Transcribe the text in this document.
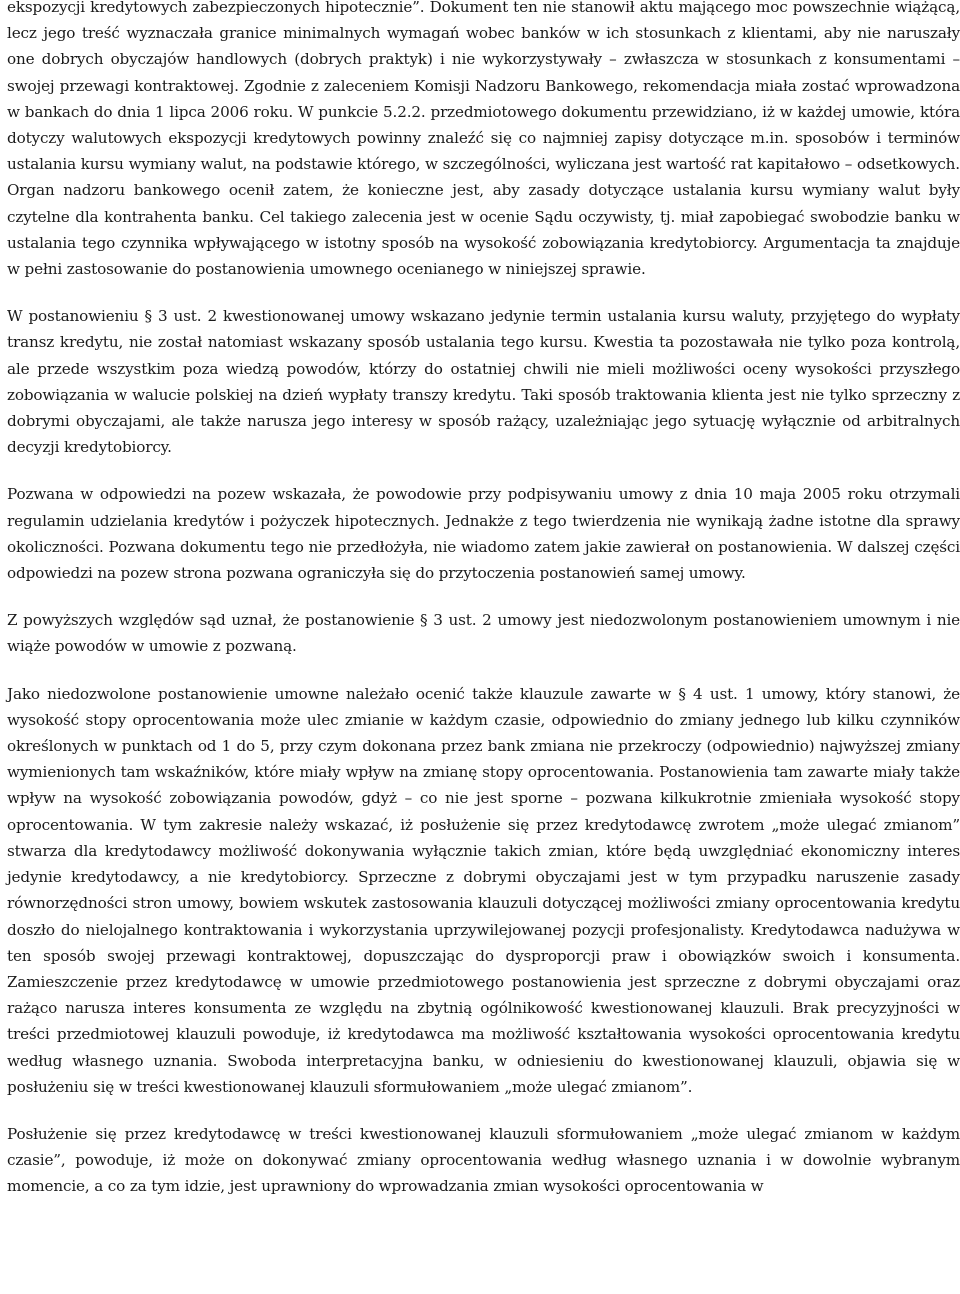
ekspozycji kredytowych zabezpieczonych hipotecznie”. Dokument ten nie stanowił aktu mającego moc powszechnie wiążącą, lecz jego treść wyznaczała granice minimalnych wymagań wobec banków w ich stosunkach z klientami, aby nie naruszały one dobrych obyczajów handlowych (dobrych praktyk) i nie wykorzystywały – zwłaszcza w stosunkach z konsumentami – swojej przewagi kontraktowej. Zgodnie z zaleceniem Komisji Nadzoru Bankowego, rekomendacja miała zostać wprowadzona w bankach do dnia 1 lipca 2006 roku. W punkcie 5.2.2. przedmiotowego dokumentu przewidziano, iż w każdej umowie, która dotyczy walutowych ekspozycji kredytowych powinny znaleźć się co najmniej zapisy dotyczące m.in. sposobów i terminów ustalania kursu wymiany walut, na podstawie którego, w szczególności, wyliczana jest wartość rat kapitałowo – odsetkowych. Organ nadzoru bankowego ocenił zatem, że konieczne jest, aby zasady dotyczące ustalania kursu wymiany walut były czytelne dla kontrahenta banku. Cel takiego zalecenia jest w ocenie Sądu oczywisty, tj. miał zapobiegać swobodzie banku w ustalania tego czynnika wpływającego w istotny sposób na wysokość zobowiązania kredytobiorcy. Argumentacja ta znajduje w pełni zastosowanie do postanowienia umownego ocenianego w niniejszej sprawie.

W postanowieniu § 3 ust. 2 kwestionowanej umowy wskazano jedynie termin ustalania kursu waluty, przyjętego do wypłaty transz kredytu, nie został natomiast wskazany sposób ustalania tego kursu. Kwestia ta pozostawała nie tylko poza kontrolą, ale przede wszystkim poza wiedzą powodów, którzy do ostatniej chwili nie mieli możliwości oceny wysokości przyszłego zobowiązania w walucie polskiej na dzień wypłaty transzy kredytu. Taki sposób traktowania klienta jest nie tylko sprzeczny z dobrymi obyczajami, ale także narusza jego interesy w sposób rażący, uzależniając jego sytuację wyłącznie od arbitralnych decyzji kredytobiorcy.

Pozwana w odpowiedzi na pozew wskazała, że powodowie przy podpisywaniu umowy z dnia 10 maja 2005 roku otrzymali regulamin udzielania kredytów i pożyczek hipotecznych. Jednakże z tego twierdzenia nie wynikają żadne istotne dla sprawy okoliczności. Pozwana dokumentu tego nie przedłożyła, nie wiadomo zatem jakie zawierał on postanowienia. W dalszej części odpowiedzi na pozew strona pozwana ograniczyła się do przytoczenia postanowień samej umowy.

Z powyższych względów sąd uznał, że postanowienie § 3 ust. 2 umowy jest niedozwolonym postanowieniem umownym i nie wiąże powodów w umowie z pozwaną.

Jako niedozwolone postanowienie umowne należało ocenić także klauzule zawarte w § 4 ust. 1 umowy, który stanowi, że wysokość stopy oprocentowania może ulec zmianie w każdym czasie, odpowiednio do zmiany jednego lub kilku czynników określonych w punktach od 1 do 5, przy czym dokonana przez bank zmiana nie przekroczy (odpowiednio) najwyższej zmiany wymienionych tam wskaźników, które miały wpływ na zmianę stopy oprocentowania. Postanowienia tam zawarte miały także wpływ na wysokość zobowiązania powodów, gdyż – co nie jest sporne – pozwana kilkukrotnie zmieniała wysokość stopy oprocentowania. W tym zakresie należy wskazać, iż posłużenie się przez kredytodawcę zwrotem „może ulegać zmianom” stwarza dla kredytodawcy możliwość dokonywania wyłącznie takich zmian, które będą uwzględniać ekonomiczny interes jedynie kredytodawcy, a nie kredytobiorcy. Sprzeczne z dobrymi obyczajami jest w tym przypadku naruszenie zasady równorzędności stron umowy, bowiem wskutek zastosowania klauzuli dotyczącej możliwości zmiany oprocentowania kredytu doszło do nielojalnego kontraktowania i wykorzystania uprzywilejowanej pozycji profesjonalisty. Kredytodawca nadużywa w ten sposób swojej przewagi kontraktowej, dopuszczając do dysproporcji praw i obowiązków swoich i konsumenta. Zamieszczenie przez kredytodawcę w umowie przedmiotowego postanowienia jest sprzeczne z dobrymi obyczajami oraz rażąco narusza interes konsumenta ze względu na zbytnią ogólnikowość kwestionowanej klauzuli. Brak precyzyjności w treści przedmiotowej klauzuli powoduje, iż kredytodawca ma możliwość kształtowania wysokości oprocentowania kredytu według własnego uznania. Swoboda interpretacyjna banku, w odniesieniu do kwestionowanej klauzuli, objawia się w posłużeniu się w treści kwestionowanej klauzuli sformułowaniem „może ulegać zmianom”.

Posłużenie się przez kredytodawcę w treści kwestionowanej klauzuli sformułowaniem „może ulegać zmianom w każdym czasie”, powoduje, iż może on dokonywać zmiany oprocentowania według własnego uznania i w dowolnie wybranym momencie, a co za tym idzie, jest uprawniony do wprowadzania zmian wysokości oprocentowania w
